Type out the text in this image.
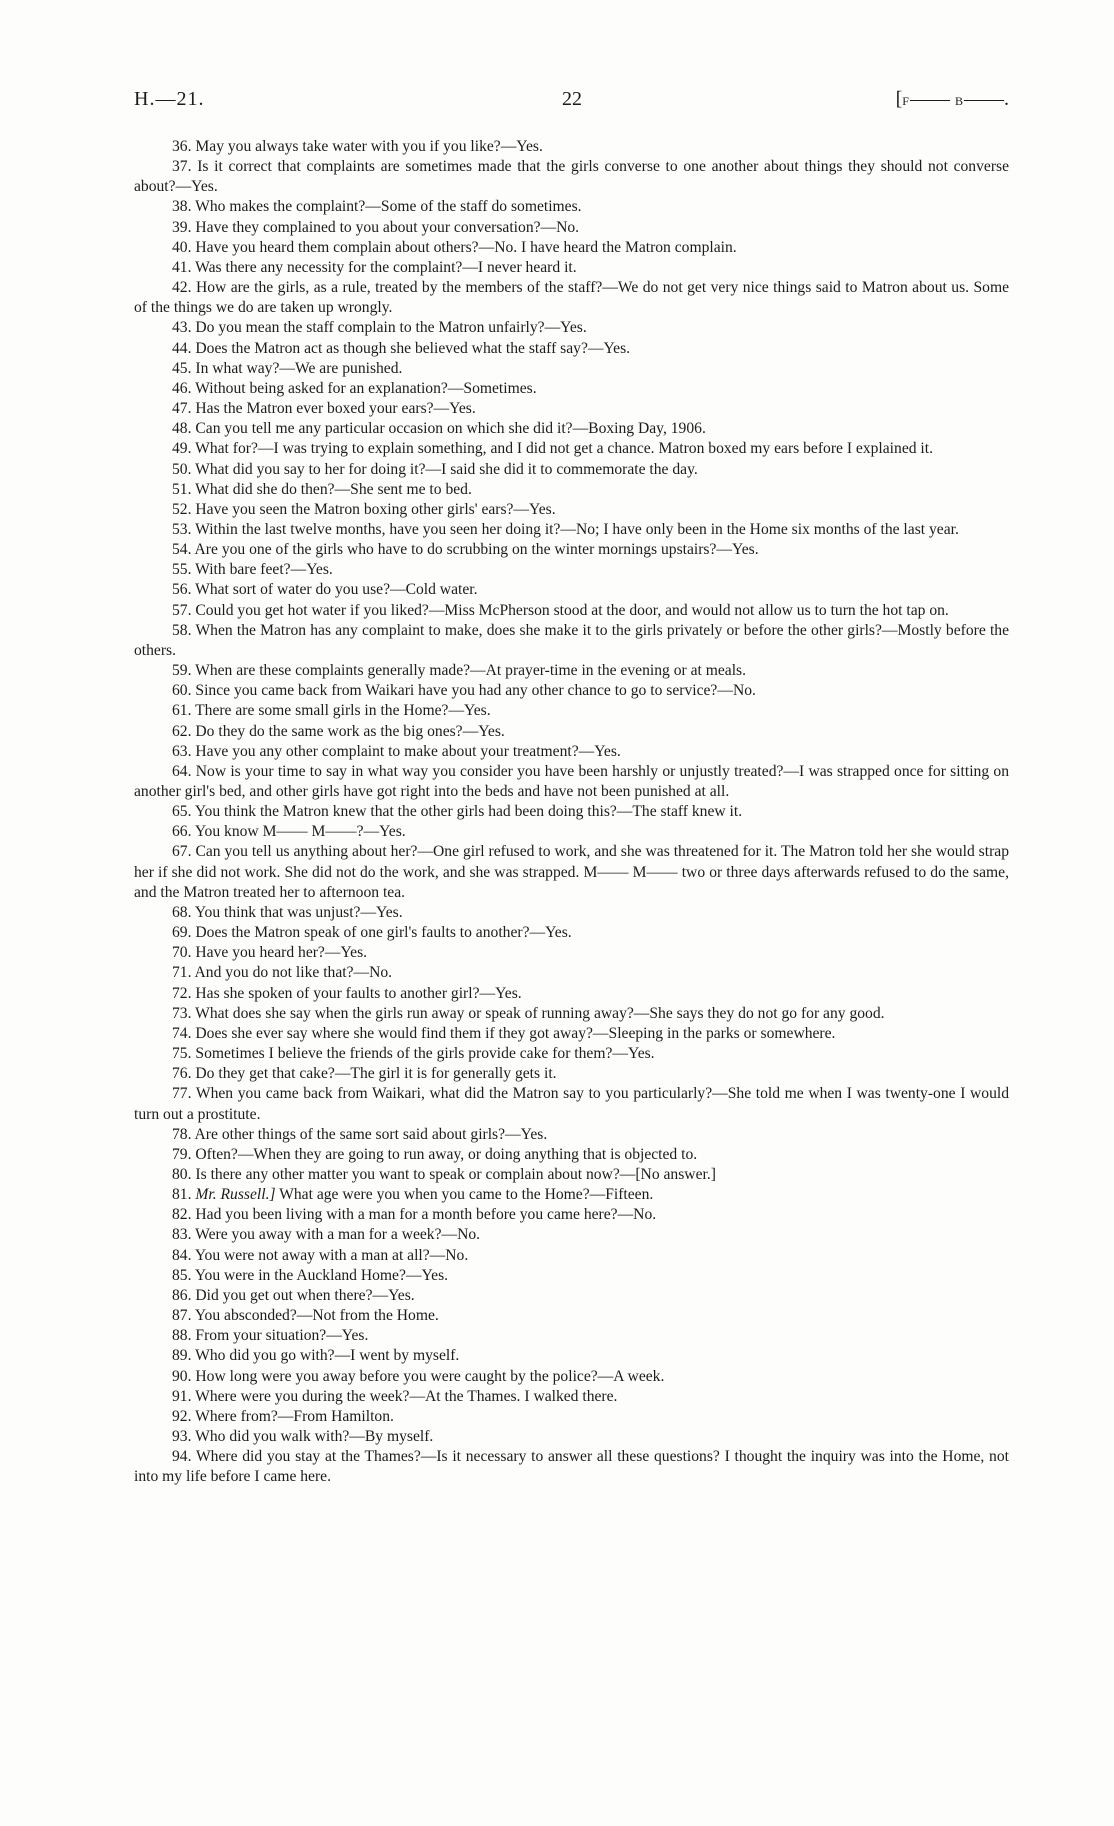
H.—21.	22	[F—— B——.

36. May you always take water with you if you like?—Yes.

37. Is it correct that complaints are sometimes made that the girls converse to one another about things they should not converse about?—Yes.

38. Who makes the complaint?—Some of the staff do sometimes.

39. Have they complained to you about your conversation?—No.

40. Have you heard them complain about others?—No. I have heard the Matron complain.

41. Was there any necessity for the complaint?—I never heard it.

42. How are the girls, as a rule, treated by the members of the staff?—We do not get very nice things said to Matron about us. Some of the things we do are taken up wrongly.

43. Do you mean the staff complain to the Matron unfairly?—Yes.

44. Does the Matron act as though she believed what the staff say?—Yes.

45. In what way?—We are punished.

46. Without being asked for an explanation?—Sometimes.

47. Has the Matron ever boxed your ears?—Yes.

48. Can you tell me any particular occasion on which she did it?—Boxing Day, 1906.

49. What for?—I was trying to explain something, and I did not get a chance. Matron boxed my ears before I explained it.

50. What did you say to her for doing it?—I said she did it to commemorate the day.

51. What did she do then?—She sent me to bed.

52. Have you seen the Matron boxing other girls' ears?—Yes.

53. Within the last twelve months, have you seen her doing it?—No; I have only been in the Home six months of the last year.

54. Are you one of the girls who have to do scrubbing on the winter mornings upstairs?—Yes.

55. With bare feet?—Yes.

56. What sort of water do you use?—Cold water.

57. Could you get hot water if you liked?—Miss McPherson stood at the door, and would not allow us to turn the hot tap on.

58. When the Matron has any complaint to make, does she make it to the girls privately or before the other girls?—Mostly before the others.

59. When are these complaints generally made?—At prayer-time in the evening or at meals.

60. Since you came back from Waikari have you had any other chance to go to service?—No.

61. There are some small girls in the Home?—Yes.

62. Do they do the same work as the big ones?—Yes.

63. Have you any other complaint to make about your treatment?—Yes.

64. Now is your time to say in what way you consider you have been harshly or unjustly treated?—I was strapped once for sitting on another girl's bed, and other girls have got right into the beds and have not been punished at all.

65. You think the Matron knew that the other girls had been doing this?—The staff knew it.

66. You know M—— M——?—Yes.

67. Can you tell us anything about her?—One girl refused to work, and she was threatened for it. The Matron told her she would strap her if she did not work. She did not do the work, and she was strapped. M—— M—— two or three days afterwards refused to do the same, and the Matron treated her to afternoon tea.

68. You think that was unjust?—Yes.

69. Does the Matron speak of one girl's faults to another?—Yes.

70. Have you heard her?—Yes.

71. And you do not like that?—No.

72. Has she spoken of your faults to another girl?—Yes.

73. What does she say when the girls run away or speak of running away?—She says they do not go for any good.

74. Does she ever say where she would find them if they got away?—Sleeping in the parks or somewhere.

75. Sometimes I believe the friends of the girls provide cake for them?—Yes.

76. Do they get that cake?—The girl it is for generally gets it.

77. When you came back from Waikari, what did the Matron say to you particularly?—She told me when I was twenty-one I would turn out a prostitute.

78. Are other things of the same sort said about girls?—Yes.

79. Often?—When they are going to run away, or doing anything that is objected to.

80. Is there any other matter you want to speak or complain about now?—[No answer.]

81. Mr. Russell.] What age were you when you came to the Home?—Fifteen.

82. Had you been living with a man for a month before you came here?—No.

83. Were you away with a man for a week?—No.

84. You were not away with a man at all?—No.

85. You were in the Auckland Home?—Yes.

86. Did you get out when there?—Yes.

87. You absconded?—Not from the Home.

88. From your situation?—Yes.

89. Who did you go with?—I went by myself.

90. How long were you away before you were caught by the police?—A week.

91. Where were you during the week?—At the Thames. I walked there.

92. Where from?—From Hamilton.

93. Who did you walk with?—By myself.

94. Where did you stay at the Thames?—Is it necessary to answer all these questions? I thought the inquiry was into the Home, not into my life before I came here.
